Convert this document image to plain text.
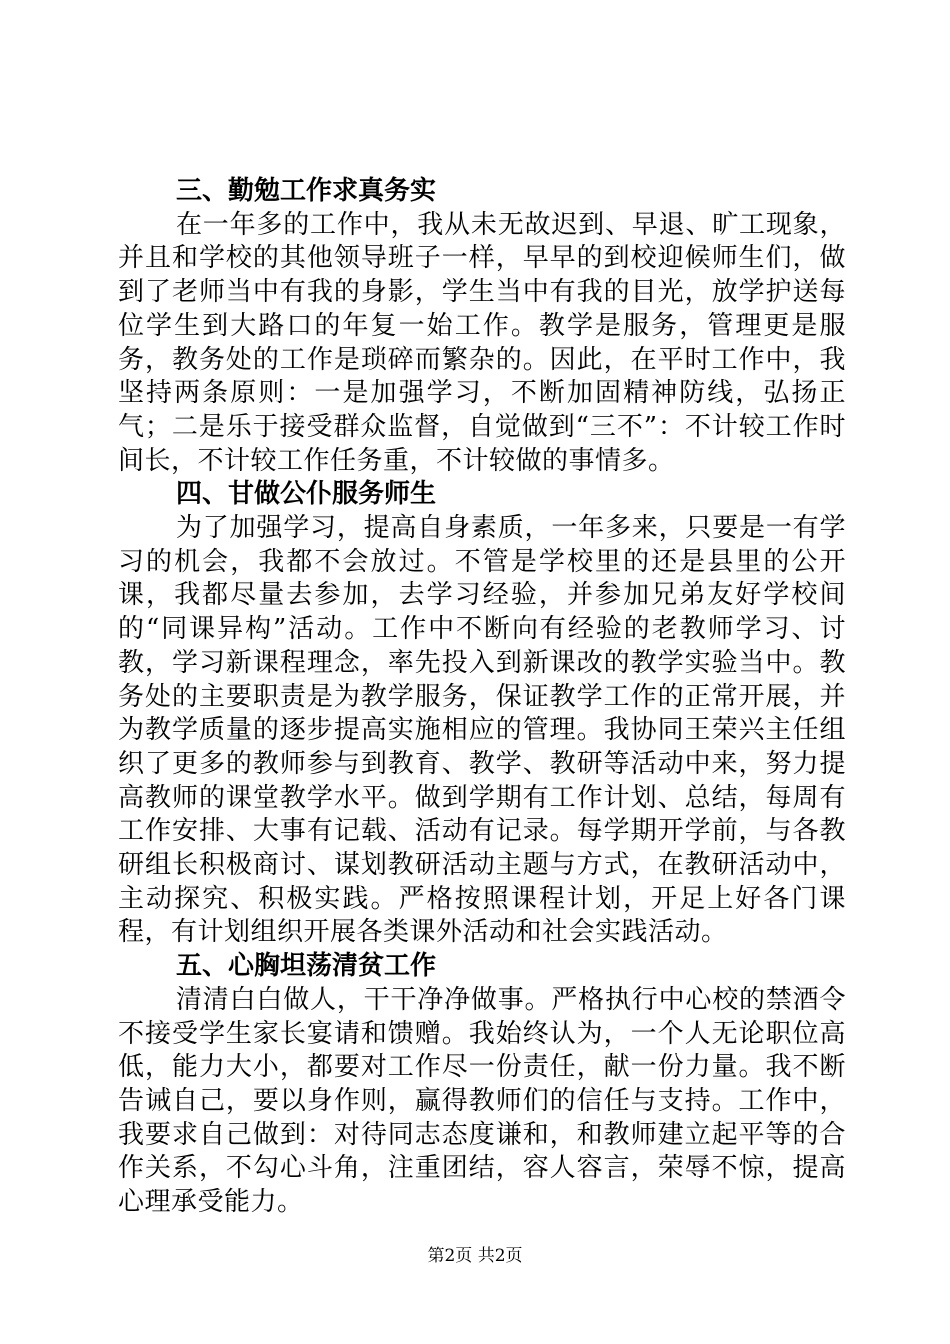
三、勤勉工作求真务实

在一年多的工作中，我从未无故迟到、早退、旷工现象，并且和学校的其他领导班子一样，早早的到校迎候师生们，做到了老师当中有我的身影，学生当中有我的目光，放学护送每位学生到大路口的年复一始工作。教学是服务，管理更是服务，教务处的工作是琐碎而繁杂的。因此，在平时工作中，我坚持两条原则：一是加强学习，不断加固精神防线，弘扬正气；二是乐于接受群众监督，自觉做到“三不”：不计较工作时间长，不计较工作任务重，不计较做的事情多。

四、甘做公仆服务师生

为了加强学习，提高自身素质，一年多来，只要是一有学习的机会，我都不会放过。不管是学校里的还是县里的公开课，我都尽量去参加，去学习经验，并参加兄弟友好学校间的“同课异构”活动。工作中不断向有经验的老教师学习、讨教，学习新课程理念，率先投入到新课改的教学实验当中。教务处的主要职责是为教学服务，保证教学工作的正常开展，并为教学质量的逐步提高实施相应的管理。我协同王荣兴主任组织了更多的教师参与到教育、教学、教研等活动中来，努力提高教师的课堂教学水平。做到学期有工作计划、总结，每周有工作安排、大事有记载、活动有记录。每学期开学前，与各教研组长积极商讨、谋划教研活动主题与方式，在教研活动中，主动探究、积极实践。严格按照课程计划，开足上好各门课程，有计划组织开展各类课外活动和社会实践活动。

五、心胸坦荡清贫工作

清清白白做人，干干净净做事。严格执行中心校的禁酒令不接受学生家长宴请和馈赠。我始终认为，一个人无论职位高低，能力大小，都要对工作尽一份责任，献一份力量。我不断告诫自己，要以身作则，赢得教师们的信任与支持。工作中，我要求自己做到：对待同志态度谦和，和教师建立起平等的合作关系，不勾心斗角，注重团结，容人容言，荣辱不惊，提高心理承受能力。

第2页 共2页
